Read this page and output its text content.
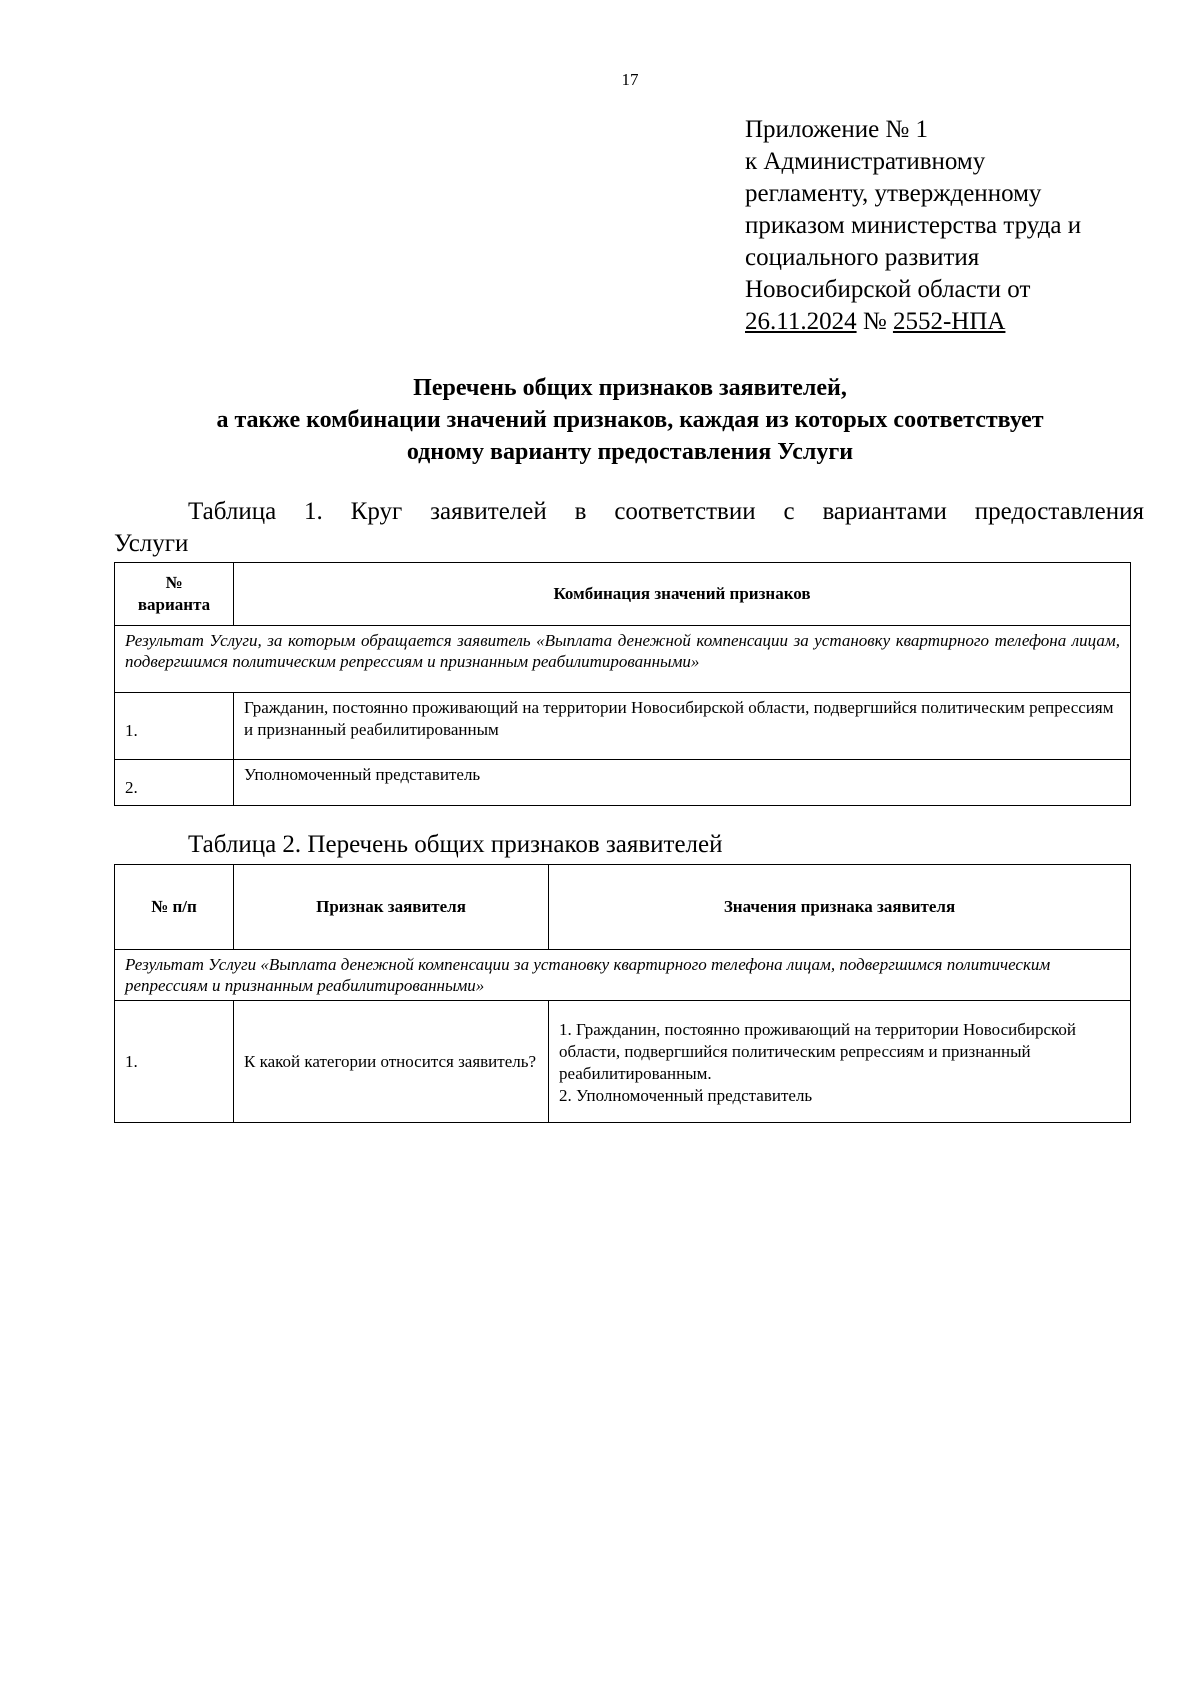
17
Приложение № 1
к Административному
регламенту, утвержденному
приказом министерства труда и
социального развития
Новосибирской области от
26.11.2024 № 2552-НПА
Перечень общих признаков заявителей,
а также комбинации значений признаков, каждая из которых соответствует
одному варианту предоставления Услуги
Таблица 1. Круг заявителей в соответствии с вариантами предоставления
Услуги
№
варианта	Комбинация значений признаков
Результат Услуги, за которым обращается заявитель «Выплата денежной компенсации за установку квартирного телефона лицам, подвергшимся политическим репрессиям и признанным реабилитированными»	
1.	Гражданин, постоянно проживающий на территории Новосибирской области, подвергшийся политическим репрессиям и признанный реабилитированным
2.	Уполномоченный представитель
Таблица 2. Перечень общих признаков заявителей
№ п/п	Признак заявителя	Значения признака заявителя
Результат Услуги «Выплата денежной компенсации за установку квартирного телефона лицам, подвергшимся политическим репрессиям и признанным реабилитированными»		
1.	К какой категории относится заявитель?	1. Гражданин, постоянно проживающий на территории Новосибирской области, подвергшийся политическим репрессиям и признанный реабилитированным.
2. Уполномоченный представитель
